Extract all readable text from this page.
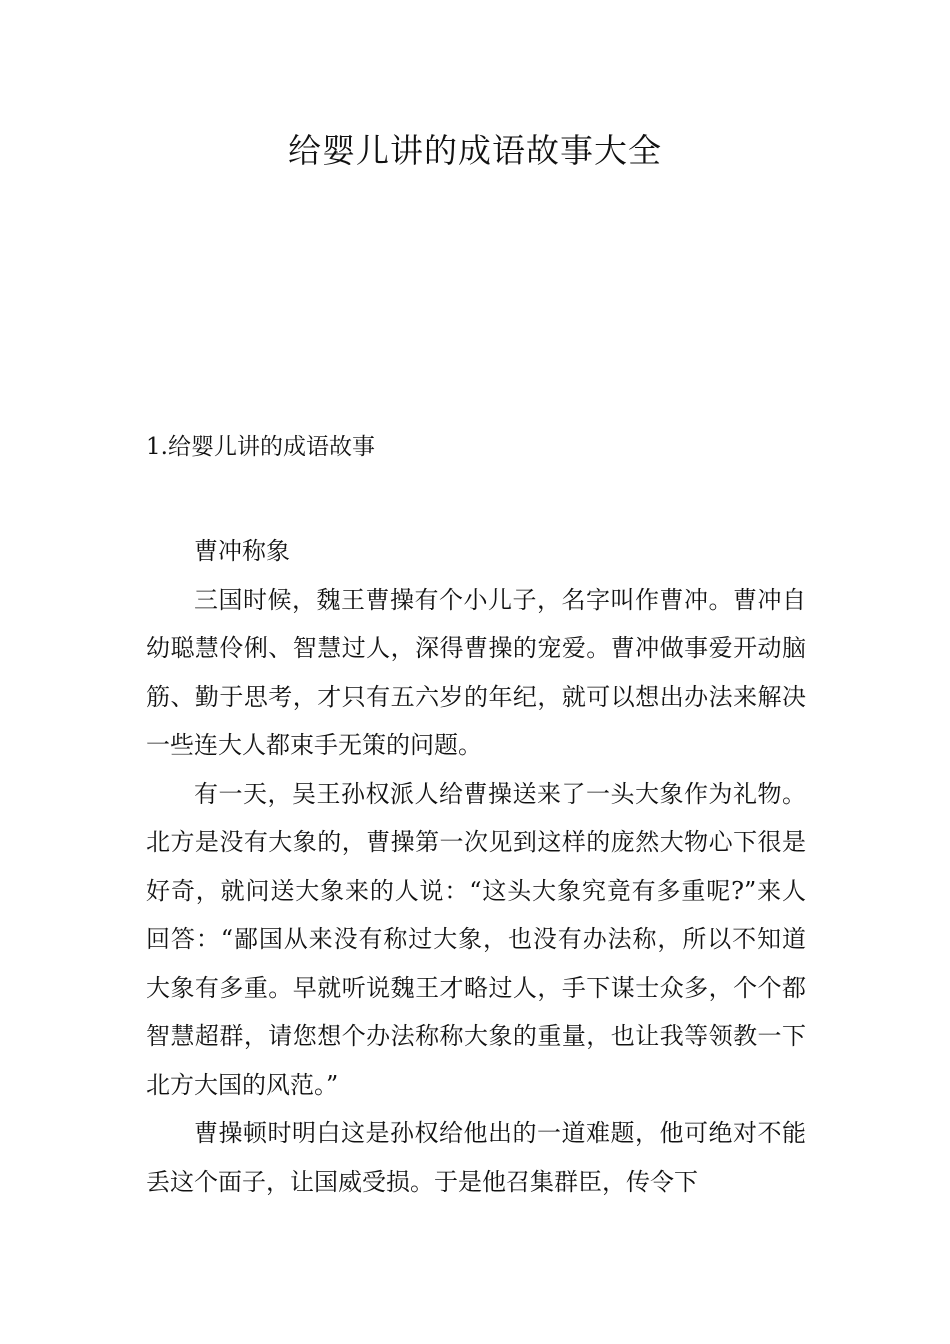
给婴儿讲的成语故事大全
1.给婴儿讲的成语故事

曹冲称象

三国时候，魏王曹操有个小儿子，名字叫作曹冲。曹冲自幼聪慧伶俐、智慧过人，深得曹操的宠爱。曹冲做事爱开动脑筋、勤于思考，才只有五六岁的年纪，就可以想出办法来解决一些连大人都束手无策的问题。

有一天，吴王孙权派人给曹操送来了一头大象作为礼物。北方是没有大象的，曹操第一次见到这样的庞然大物心下很是好奇，就问送大象来的人说：“这头大象究竟有多重呢?”来人回答：“鄙国从来没有称过大象，也没有办法称，所以不知道大象有多重。早就听说魏王才略过人，手下谋士众多，个个都智慧超群，请您想个办法称称大象的重量，也让我等领教一下北方大国的风范。”

曹操顿时明白这是孙权给他出的一道难题，他可绝对不能丢这个面子，让国威受损。于是他召集群臣，传令下
